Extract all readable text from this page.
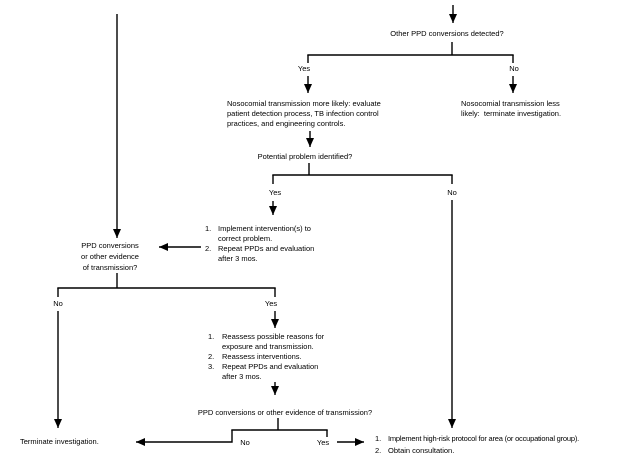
Other PPD conversions detected?
Yes	No
Nosocomial transmission more likely: evaluate
patient detection process, TB infection control
practices, and engineering controls.
Nosocomial transmission less
likely:  terminate investigation.
Potential problem identified?
Yes	No
1. Implement intervention(s) to
correct problem.
2. Repeat PPDs and evaluation
after 3 mos.
PPD conversions
or other evidence
of transmission?
No	Yes
1. Reassess possible reasons for
exposure and transmission.
2. Reassess interventions.
3. Repeat PPDs and evaluation
after 3 mos.
PPD conversions or other evidence of transmission?
No	Yes
Terminate investigation.	1. Implement high-risk protocol for area (or occupational group).
2. Obtain consultation.
